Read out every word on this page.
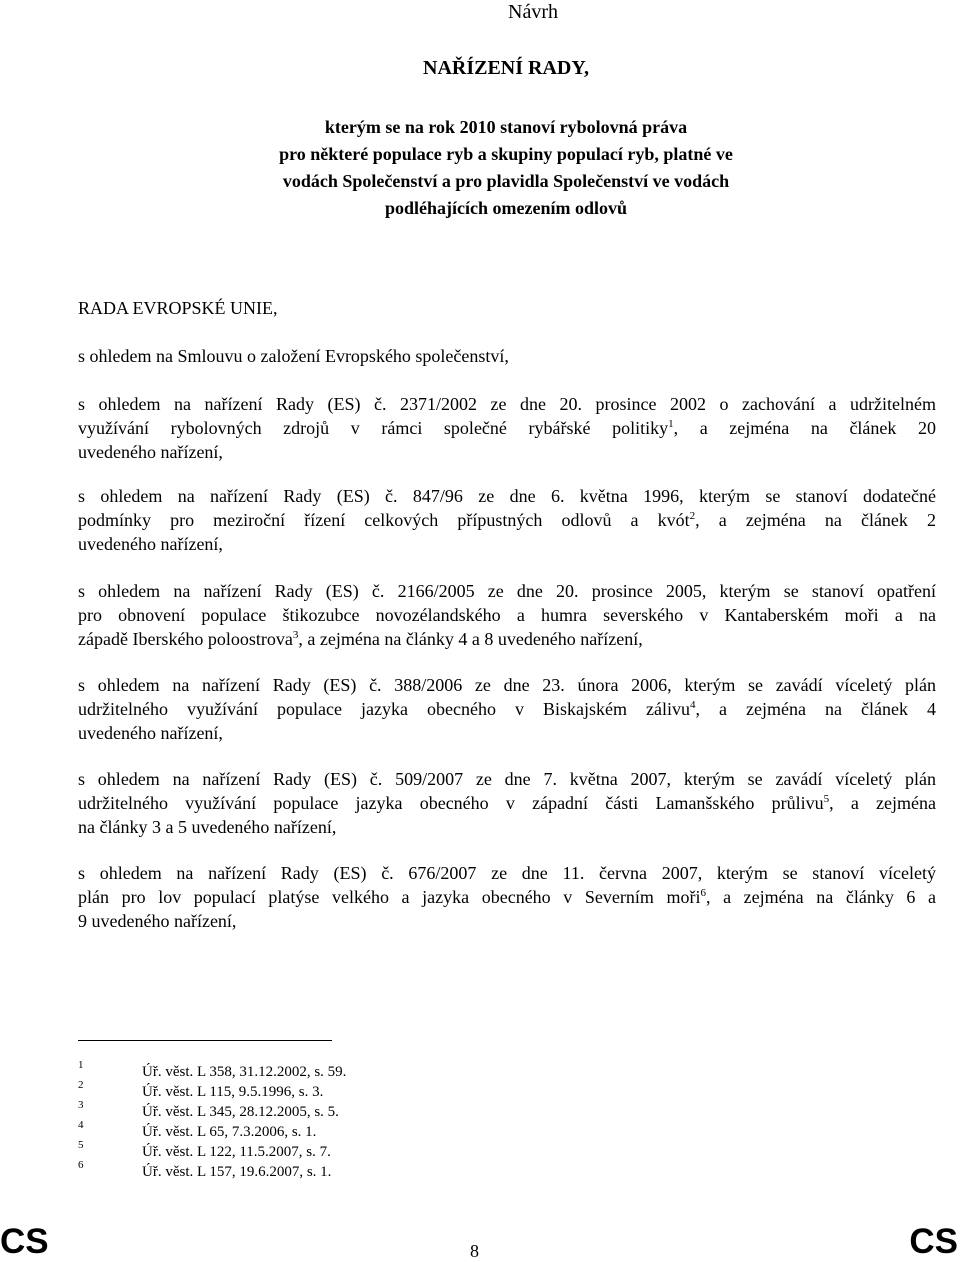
Návrh
NAŘÍZENÍ RADY,
kterým se na rok 2010 stanoví rybolovná práva
pro některé populace ryb a skupiny populací ryb, platné ve
vodách Společenství a pro plavidla Společenství ve vodách
podléhajících omezením odlovů
RADA EVROPSKÉ UNIE,
s ohledem na Smlouvu o založení Evropského společenství,
s ohledem na nařízení Rady (ES) č. 2371/2002 ze dne 20. prosince 2002 o zachování a udržitelném
využívání rybolovných zdrojů v rámci společné rybářské politiky$^1$, a zejména na článek 20
uvedeného nařízení,
s ohledem na nařízení Rady (ES) č. 847/96 ze dne 6. května 1996, kterým se stanoví dodatečné
podmínky pro meziroční řízení celkových přípustných odlovů a kvót$^2$, a zejména na článek 2
uvedeného nařízení,
s ohledem na nařízení Rady (ES) č. 2166/2005 ze dne 20. prosince 2005, kterým se stanoví opatření
pro obnovení populace štikozubce novozélandského a humra severského v Kantaberském moři a na
západě Iberského poloostrova$^3$, a zejména na články 4 a 8 uvedeného nařízení,
s ohledem na nařízení Rady (ES) č. 388/2006 ze dne 23. února 2006, kterým se zavádí víceletý plán
udržitelného využívání populace jazyka obecného v Biskajském zálivu$^4$, a zejména na článek 4
uvedeného nařízení,
s ohledem na nařízení Rady (ES) č. 509/2007 ze dne 7. května 2007, kterým se zavádí víceletý plán
udržitelného využívání populace jazyka obecného v západní části Lamanšského průlivu$^5$, a zejména
na články 3 a 5 uvedeného nařízení,
s ohledem na nařízení Rady (ES) č. 676/2007 ze dne 11. června 2007, kterým se stanoví víceletý
plán pro lov populací platýse velkého a jazyka obecného v Severním moři$^6$, a zejména na články 6 a
9 uvedeného nařízení,
1	Úř. věst. L 358, 31.12.2002, s. 59.
2	Úř. věst. L 115, 9.5.1996, s. 3.
3	Úř. věst. L 345, 28.12.2005, s. 5.
4	Úř. věst. L 65, 7.3.2006, s. 1.
5	Úř. věst. L 122, 11.5.2007, s. 7.
6	Úř. věst. L 157, 19.6.2007, s. 1.
CS	8	CS
